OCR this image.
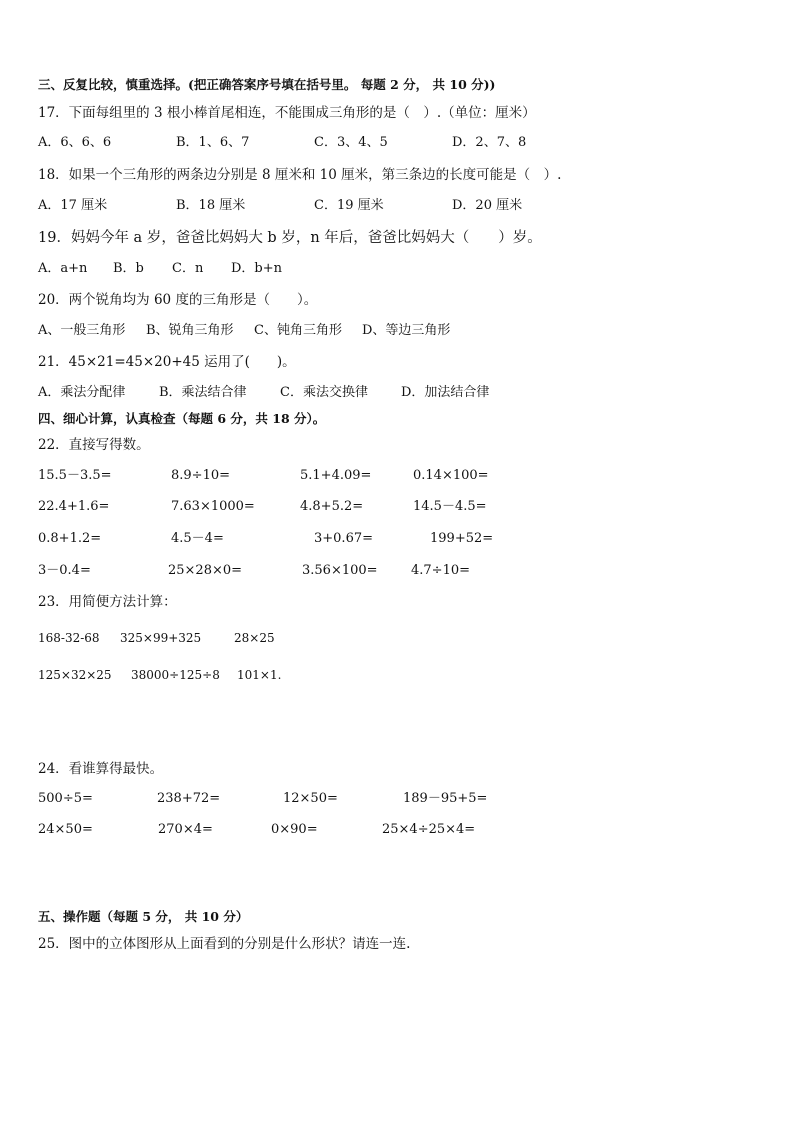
三、反复比较，慎重选择。(把正确答案序号填在括号里。 每题 2 分， 共 10 分))
17．下面每组里的 3 根小棒首尾相连，不能围成三角形的是（　）.（单位：厘米）
A．6、6、6	B．1、6、7	C．3、4、5	D．2、7、8
18．如果一个三角形的两条边分别是 8 厘米和 10 厘米，第三条边的长度可能是（　）.
A．17 厘米	B．18 厘米	C．19 厘米	D．20 厘米
19．妈妈今年 a 岁，爸爸比妈妈大 b 岁，n 年后，爸爸比妈妈大（　　）岁。
A．a+n B．b C．n D．b+n
20．两个锐角均为 60 度的三角形是（　　）。
A、一般三角形 B、锐角三角形 C、钝角三角形 D、等边三角形
21．45×21=45×20+45 运用了(　　)。
A．乘法分配律	B．乘法结合律	C．乘法交换律	D．加法结合律
四、细心计算，认真检查（每题 6 分，共 18 分）。
22．直接写得数。
15.5－3.5=	8.9÷10=	5.1+4.09=	0.14×100=
22.4+1.6=	7.63×1000=	4.8+5.2=	14.5－4.5=
0.8+1.2=	4.5－4=	3+0.67=	199+52=
3－0.4=	25×28×0=	3.56×100=	4.7÷10=
23．用简便方法计算：
168-32-68 325×99+325	28×25
125×32×25 38000÷125÷8 101×1.
24．看谁算得最快。
500÷5=	238+72=	12×50=	189－95+5=
24×50=	270×4=	0×90=	25×4÷25×4=
五、操作题（每题 5 分， 共 10 分）
25．图中的立体图形从上面看到的分别是什么形状？请连一连.
